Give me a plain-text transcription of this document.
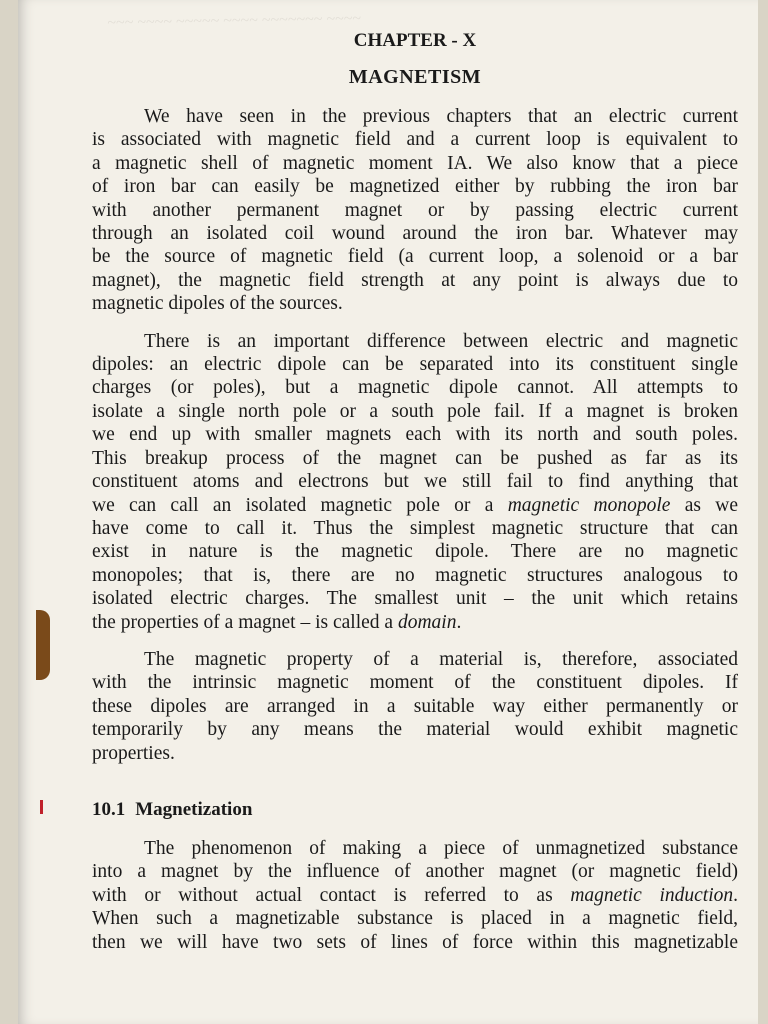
~~~ ~~~~ ~~~~~ ~~~~ ~~~~~~~ ~~~~
CHAPTER - X
MAGNETISM

We have seen in the previous chapters that an electric current
is associated with magnetic field and a current loop is equivalent to
a magnetic shell of magnetic moment IA. We also know that a piece
of iron bar can easily be magnetized either by rubbing the iron bar
with another permanent magnet or by passing electric current
through an isolated coil wound around the iron bar. Whatever may
be the source of magnetic field (a current loop, a solenoid or a bar
magnet), the magnetic field strength at any point is always due to
magnetic dipoles of the sources.

There is an important difference between electric and magnetic
dipoles: an electric dipole can be separated into its constituent single
charges (or poles), but a magnetic dipole cannot. All attempts to
isolate a single north pole or a south pole fail. If a magnet is broken
we end up with smaller magnets each with its north and south poles.
This breakup process of the magnet can be pushed as far as its
constituent atoms and electrons but we still fail to find anything that
we can call an isolated magnetic pole or a magnetic monopole as we
have come to call it. Thus the simplest magnetic structure that can
exist in nature is the magnetic dipole. There are no magnetic
monopoles; that is, there are no magnetic structures analogous to
isolated electric charges. The smallest unit – the unit which retains
the properties of a magnet – is called a domain.

The magnetic property of a material is, therefore, associated
with the intrinsic magnetic moment of the constituent dipoles. If
these dipoles are arranged in a suitable way either permanently or
temporarily by any means the material would exhibit magnetic
properties.

10.1 Magnetization

The phenomenon of making a piece of unmagnetized substance
into a magnet by the influence of another magnet (or magnetic field)
with or without actual contact is referred to as magnetic induction.
When such a magnetizable substance is placed in a magnetic field,
then we will have two sets of lines of force within this magnetizable
